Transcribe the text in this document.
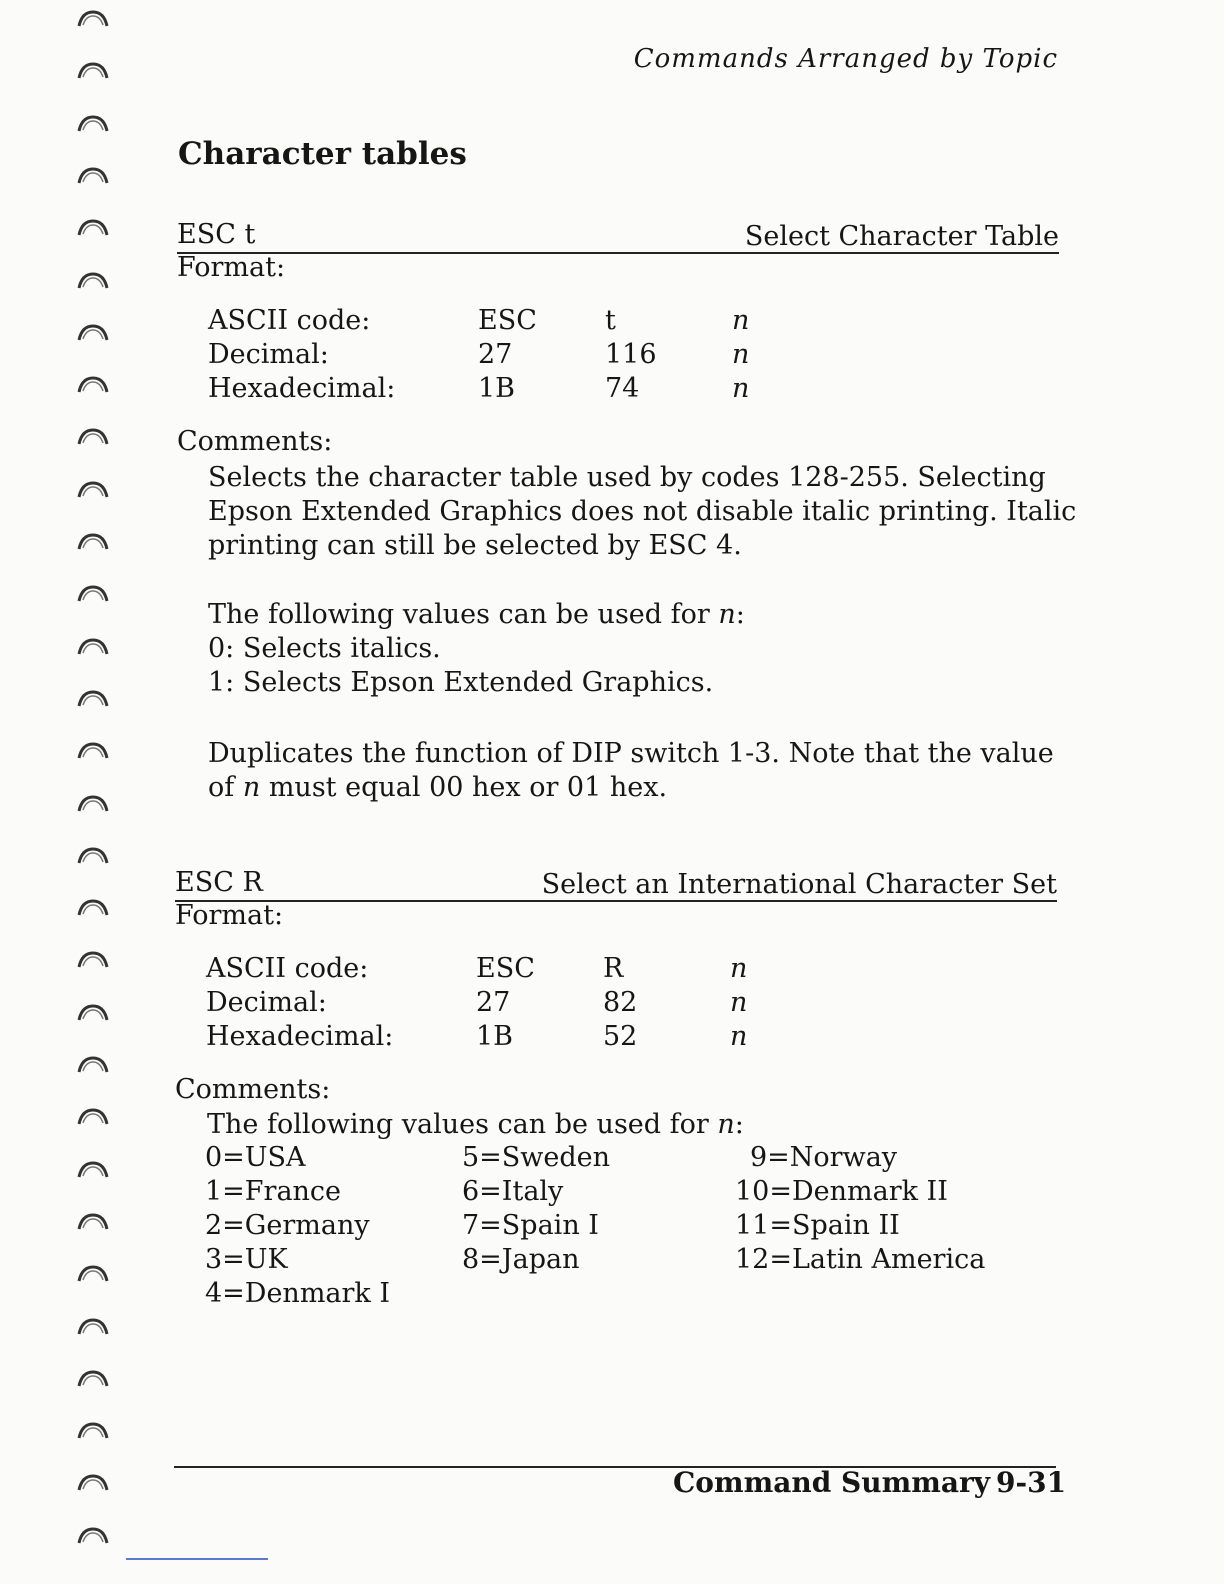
Commands Arranged by Topic
Character tables
ESC t	Select Character Table
Format:
ASCII code:	ESC	t	n
Decimal:	27	116	n
Hexadecimal:	1B	74	n
Comments:
Selects the character table used by codes 128-255. Selecting
Epson Extended Graphics does not disable italic printing. Italic
printing can still be selected by ESC 4.
The following values can be used for n:
0: Selects italics.
1: Selects Epson Extended Graphics.
Duplicates the function of DIP switch 1-3. Note that the value
of n must equal 00 hex or 01 hex.
ESC R	Select an International Character Set
Format:
ASCII code:	ESC	R	n
Decimal:	27	82	n
Hexadecimal:	1B	52	n
Comments:
The following values can be used for n:
0=USA
1=France
2=Germany
3=UK
4=Denmark I
5=Sweden
6=Italy
7=Spain I
8=Japan
9=Norway
10=Denmark II
11=Spain II
12=Latin America
Command Summary 9-31
